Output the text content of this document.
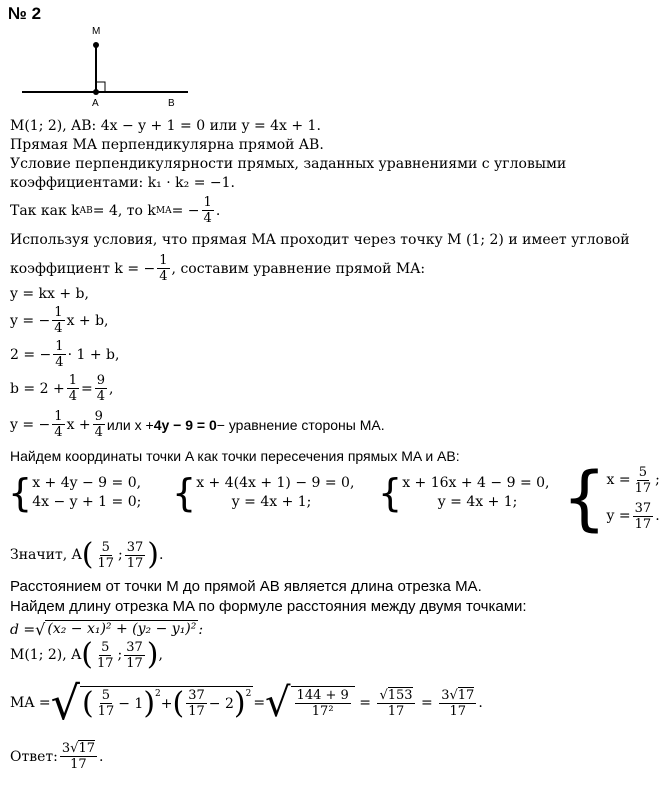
№ 2
M
A	B
M(1; 2), AB: 4x − y + 1 = 0 или y = 4x + 1.
Прямая MA перпендикулярна прямой AB.
Условие перпендикулярности прямых, заданных уравнениями с угловыми
коэффициентами: k₁ · k₂ = −1.
Так как k AB = 4, то k MA = − $\frac{1}{4}$ .
Используя условия, что прямая MA проходит через точку M (1; 2) и имеет угловой
коэффициент k = − $\frac{1}{4}$ , составим уравнение прямой MA:
y = kx + b,
y = − $\frac{1}{4}$ x + b,
2 = − $\frac{1}{4} \cdot 1 + b$,
$b = 2 + \frac{1}{4} = \frac{9}{4}$ ,
y = − $\frac{1}{4}$ $x + \frac{9}{4}$ или x + 4y − 9 = 0 − уравнение стороны MA.
Найдем координаты точки A как точки пересечения прямых MA и AB:
{ x + 4y − 9 = 0,
4x − y + 1 = 0; { x + 4(4x + 1) − 9 = 0,
y = 4x + 1;	{ x + 16x + 4 − 9 = 0,
y = 4x + 1; { $x = \frac{5}{17}$ ;
$y = \frac{37}{17}$ .
Значит, A ( $\frac{5}{17}$ ; $\frac{37}{17}$ ) .
Расстоянием от точки M до прямой AB является длина отрезка MA.
Найдем длину отрезка MA по формуле расстояния между двумя точками:
d = √ (x₂ − x₁)² + (y₂ − y₁)² :
M(1; 2), A ( $\frac{5}{17}$ ; $\frac{37}{17}$ ) ,
MA = √ ( $\frac{5}{17} - 1$ )$^2$
+ ( $\frac{37}{17} - 2$ )$^2$
= √ $\frac{144 + 9}{\text{17²}} = \frac{√153}{17} = \frac{3√17}{17}$ .
Ответ: $\frac{3√17}{17}$ .
